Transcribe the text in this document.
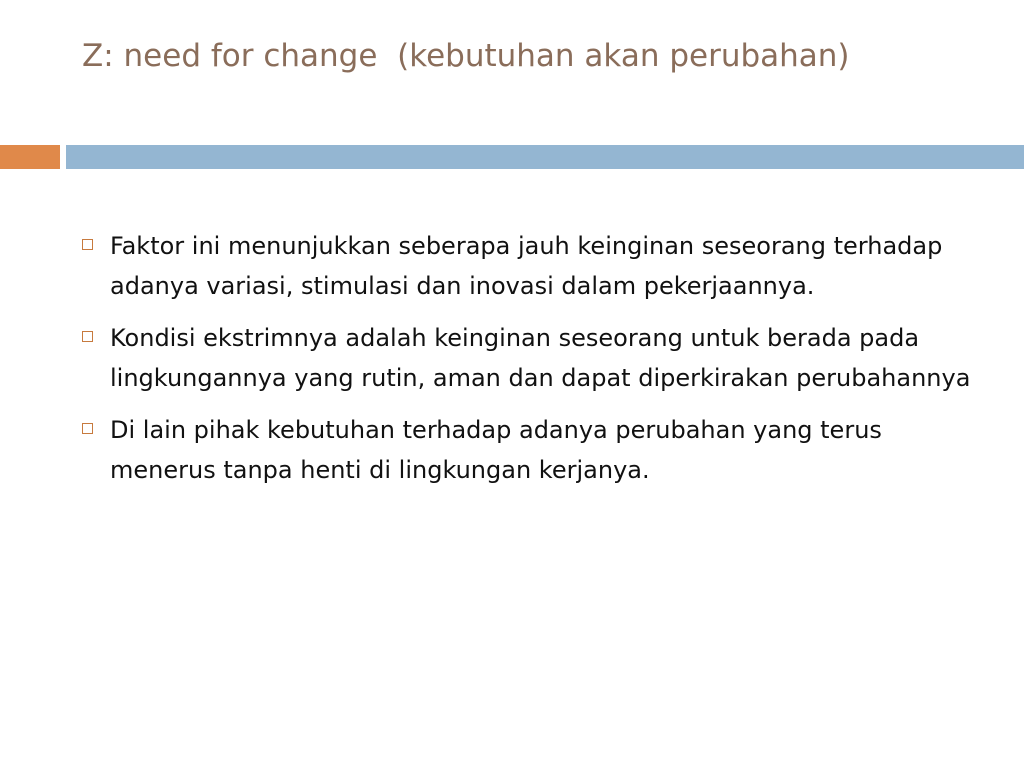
Z: need for change  (kebutuhan akan perubahan)
Faktor ini menunjukkan seberapa jauh keinginan seseorang terhadap adanya variasi, stimulasi dan inovasi dalam pekerjaannya.
Kondisi ekstrimnya adalah keinginan seseorang untuk berada pada lingkungannya yang rutin, aman dan dapat diperkirakan perubahannya
Di lain pihak kebutuhan terhadap adanya perubahan yang terus menerus tanpa henti di lingkungan kerjanya.
